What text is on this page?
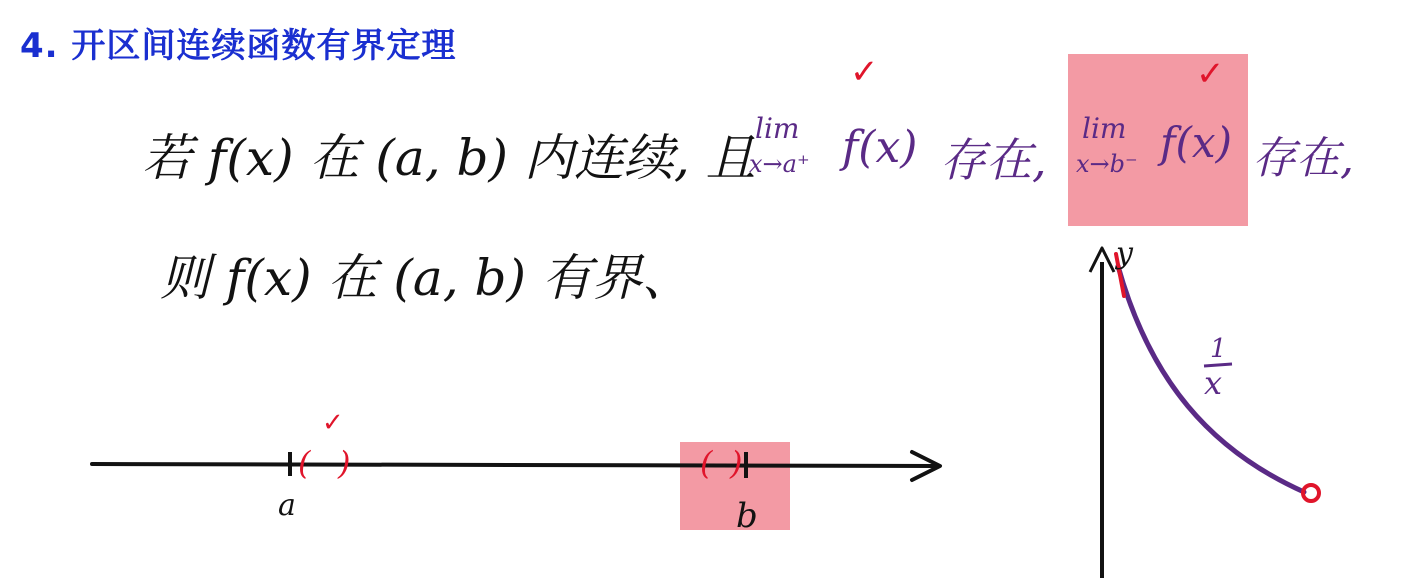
4. 开区间连续函数有界定理
若 f(x) 在 (a, b) 内连续, 且
lim
x→a⁺ f(x) 存在,
lim
x→b⁻ f(x) 存在,
✓	✓
则 f(x) 在 (a, b) 有界、
a	b
( )	( )
✓
y
1
x
